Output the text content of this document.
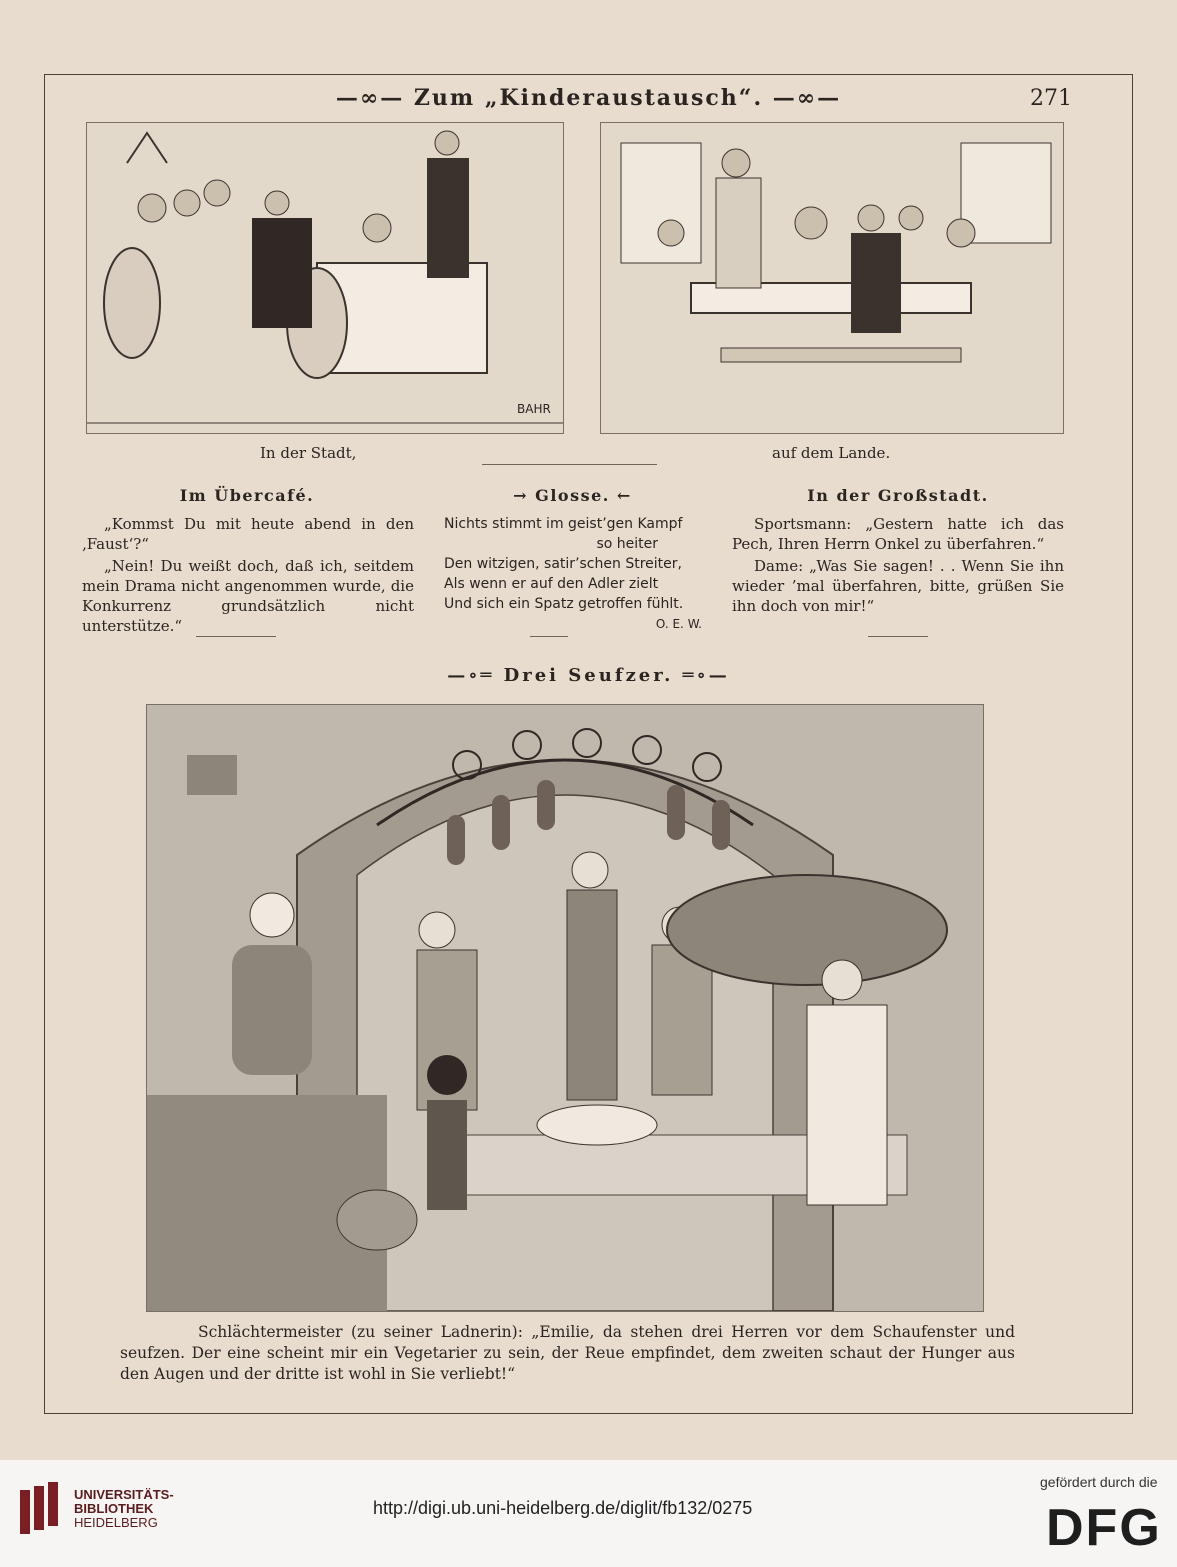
—∞— Zum „Kinderaustausch“. —∞—	271
BAHR
In der Stadt,	auf dem Lande.
Im Übercafé.

„Kommst Du mit heute abend in den ‚Faust‘?“

„Nein! Du weißt doch, daß ich, seitdem mein Drama nicht angenommen wurde, die Konkurrenz grundsätzlich nicht unterstütze.“

→ Glosse. ←
Nichts stimmt im geist’gen Kampf
so heiter
Den witzigen, satir’schen Streiter,
Als wenn er auf den Adler zielt
Und sich ein Spatz getroffen fühlt.
O. E. W.
In der Großstadt.

Sportsmann: „Gestern hatte ich das Pech, Ihren Herrn Onkel zu überfahren.“

Dame: „Was Sie sagen! . . Wenn Sie ihn wieder ’mal überfahren, bitte, grüßen Sie ihn doch von mir!“

—∘═ Drei Seufzer. ═∘—
Schlächtermeister (zu seiner Ladnerin): „Emilie, da stehen drei Herren vor dem Schaufenster und seufzen. Der eine scheint mir ein Vegetarier zu sein, der Reue empfindet, dem zweiten schaut der Hunger aus den Augen und der dritte ist wohl in Sie verliebt!“
UNIVERSITÄTS-
BIBLIOTHEK
HEIDELBERG
http://digi.ub.uni-heidelberg.de/diglit/fb132/0275
gefördert durch die
DFG
